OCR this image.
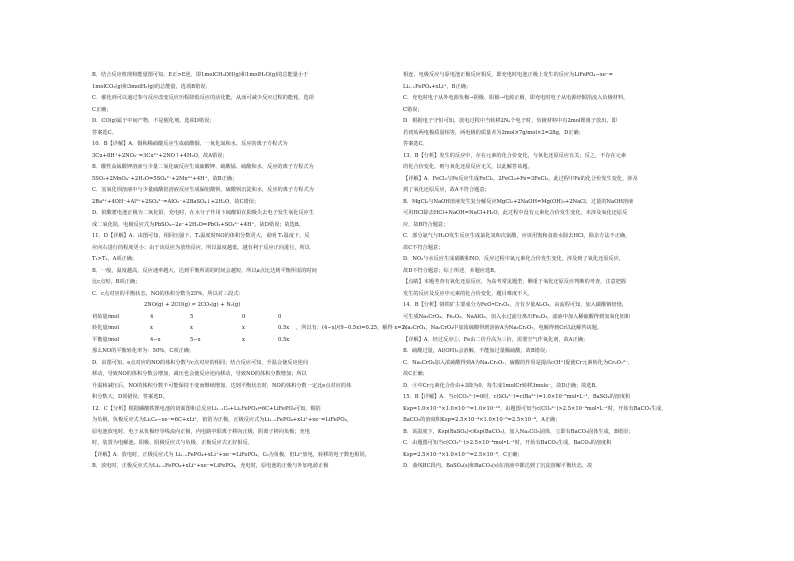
B．结合反应机理和能量图可知，E正>E逆，即1molCH₃OH(g)和1molH₂O(g)的总能量小于
1molCO₂(g)和3molH₂(g)的总能量，选项B错误；
C．催化剂可以通过参与反应改变反应历程降低反应的活化能，从而可减少反应过程的能耗，选项
C正确；
D．CO(g)属于中间产物，不是催化剂，选项D错误；
答案选C。
10．B【详解】A．铜和稀硝酸反应生成硝酸铜、一氧化氮和水，反应的离子方程式为
3Cu+8H⁺+2NO₃⁻=3Cu²⁺+2NO↑+4H₂O，故A错误；
B．酸性高锰酸钾溶液与少量二氧化硫反应生成硫酸钾、硫酸锰、硫酸和水，反应的离子方程式为
5SO₂+2MnO₄⁻+2H₂O=5SO₄²⁻+2Mn²⁺+4H⁺，故B正确；
C．氢氧化钡溶液中与少量硫酸铝溶液反应生成偏铝酸钡、硫酸钡沉淀和水，反应的离子方程式为
2Ba²⁺+4OH⁻+Al³⁺+2SO₄²⁻=AlO₂⁻+2BaSO₄↓+2H₂O，故C错误；
D．铅酸蓄电池正极为二氧化铅，充电时，在水分子作用下硫酸铅在阳极失去电子发生氧化反应生
成二氧化铅，电极反应式为PbSO₄−2e⁻+2H₂O=PbO₂+SO₄²⁻+4H⁺，故D错误；故选B。
11．D【详解】A．由图可知，相同压强下，T₁温度时NO的体积分数更大，说明 T₁温度下，反
应向右进行的程度更小；由于该反应为放热反应，所以温度越低，越有利于反应正向进行，所以
T₁>T₂，A项正确；
B．一般，温度越高，反应速率越大，达到平衡所需的时间会越短，所以a点比达到平衡所需的时间
比c点短，B项正确；
C．c点对应的平衡状态，NO的体积分数为25%，所以对三段式：
2NO(g) + 2CO(g) ⇌ 2CO₂(g) + N₂(g)
初始量/mol	4	5	0	0
转化量/mol	x	x	x	0.5x ，所以有：(4−x)/(9−0.5x)=0.25，解得 x=2。
平衡量/mol	4−x	5−x	x	0.5x
那么NO的平衡转化率为：50%，C项正确；
D．由图可知，e点对应的NO的体积分数与c点对应的相同；结合反应可知，升温会使反应逆向
移动，导致NO的体积分数会增加，减压也会使反应逆向移动，导致NO的体积分数增加；所以
升温和减压后，NO的体积分数不可能保持不变而继续增加，达到平衡状态时，NO的体积分数一定比e点对应的体
积分数大，D项错误；答案选D。
12．C【分析】根据磷酸铁锂电池的切面图和总反应Li₁₋ₓC₆+LiₓFePO₄⇌6C+LiFePO₄可知，铜箔
为负极，负极反应式为LiₓC₆−xe⁻=6C+xLi⁺，铝箔为正极，正极反应式为Li₁₋ₓFePO₄+xLi⁺+xe⁻=LiFePO₄，
原电池放电时，电子从负极经导线流向正极，内电路中阳离子移向正极，阴离子移向负极；充电
时，装置为电解池，阳极、阴极反应式与负极、正极反应式正好相反。
【详解】A．放电时，正极反应式为 Li₁₋ₓFePO₄+xLi⁺+xe⁻=LiFePO₄，C₆为负极，但Li⁺放电，转移的电子数也相同，
B．放电时，正极反应式为Li₁₋ₓFePO₄+xLi⁺+xe⁻=LiFePO₄，充电时，原电池的正极与外加电源正极
相连，电极反应与原电池正极反应相反，即充电时电池正极上发生的反应为LiFePO₄−xe⁻=
Li₁₋ₓFePO₄+xLi⁺，B正确；
C．充电时电子从外电源负极→阴极、阳极→电源正极，即充电时电子从电源经铜箔流入负极材料，
C错误；
D．根据电子守恒可知，放电过程中当转移2Nₐ个电子时，负极材料中有2mol锂离子放出，即
若初始两电极质量相等，两电极的质量差为2mol×7g/mol×2=28g，D正确；
答案选C。
13．B【分析】发生的反应中，存在元素的化合价变化，与氧化还原反应有关；反之，不存在元素
的化合价变化，则与氧化还原反应无关，以此解答该题。
【详解】A．FeCl₃与Fe反应生成FeCl₂，2FeCl₃+Fe=3FeCl₂，此过程中Fe的化合价发生变化，涉及
到了氧化还原反应，故A不符合题意；
B．MgCl₂与NaOH溶液发生复分解反应MgCl₂+2NaOH=Mg(OH)₂+2NaCl，过量的NaOH溶液
可用HCl除去HCl+NaOH=NaCl+H₂O，此过程中没有元素化合价发生变化，未涉及氧化还原反
应，故B符合题意；
C．部分氯气与H₂O发生反应生成氯化氢和次氯酸，应该用饱和食盐水除去HCl，除杂方法不正确，
故C不符合题意；
D．NO₂与水反应生成硝酸和NO，反应过程中氮元素化合价发生变化，涉及到了氧化还原反应，
故D不符合题意；综上所述，本题应选B。
【点睛】本题考查有氧化还原反应，为高考常见题型，侧重于氧化还原反应判断的考查，注意把握
发生的反应及反应中元素的化合价变化，题目难度不大。
14．B【分析】铬铁矿主要成分为FeO•Cr₂O₃，含有少量Al₂O₃，由流程可知，加入碳酸钠焙烧，
可生成Na₂CrO₄、Fe₂O₃、NaAlO₂，加入水过滤分离出Fe₂O₃，滤液中加入稀硫酸得到氢氧化铝和
Na₂CrO₄，Na₂CrO₄中加浓硫酸得到溶液A为Na₂Cr₂O₇，电解得到Cr以此解答该题。
【详解】A．经过反应①，Fe由二价升高为三价，需要空气作氧化剂，故A正确；
B．硫酸过量，Al(OH)₃会溶解，不能加过量稀硫酸，故B错误；
C．Na₂CrO₄加入浓硫酸得到A为Na₂Cr₂O₇，硫酸的作用是提高c(H⁺)促使Cr元素转化为Cr₂O₇²⁻，
故C正确；
D．④中Cr元素化合价由+3降为0，每生成1molCr转移3mole⁻，故D正确；故选B。
15．B【详解】A．当c(CO₃²⁻)=0时，c(SO₄²⁻)=c(Ba²⁺)=1.0×10⁻⁵mol•L⁻¹，BaSO₄的溶度积
Ksp=1.0×10⁻⁵×1.0×10⁻⁵=1.0×10⁻¹⁰，由题图可知当c(CO₃²⁻)>2.5×10⁻⁴mol•L⁻¹时，开始有BaCO₃生成，
BaCO₃的溶度积Ksp=2.5×10⁻⁴×1.0×10⁻⁵=2.5×10⁻⁹，A正确；
B．该温度下，Ksp(BaSO₄)<Ksp(BaCO₃)，加入Na₂CO₃固体，立即有BaCO₃固体生成，B错误；
C．由题图可知当c(CO₃²⁻)>2.5×10⁻⁴mol•L⁻¹时，开始有BaCO₃生成，BaCO₃的溶度积
Ksp=2.5×10⁻⁴×1.0×10⁻⁵=2.5×10⁻⁹，C正确；
D．曲线BC段内，BaSO₄(s)和BaCO₃(s)在溶液中都达到了沉淀溶解平衡状态，故
